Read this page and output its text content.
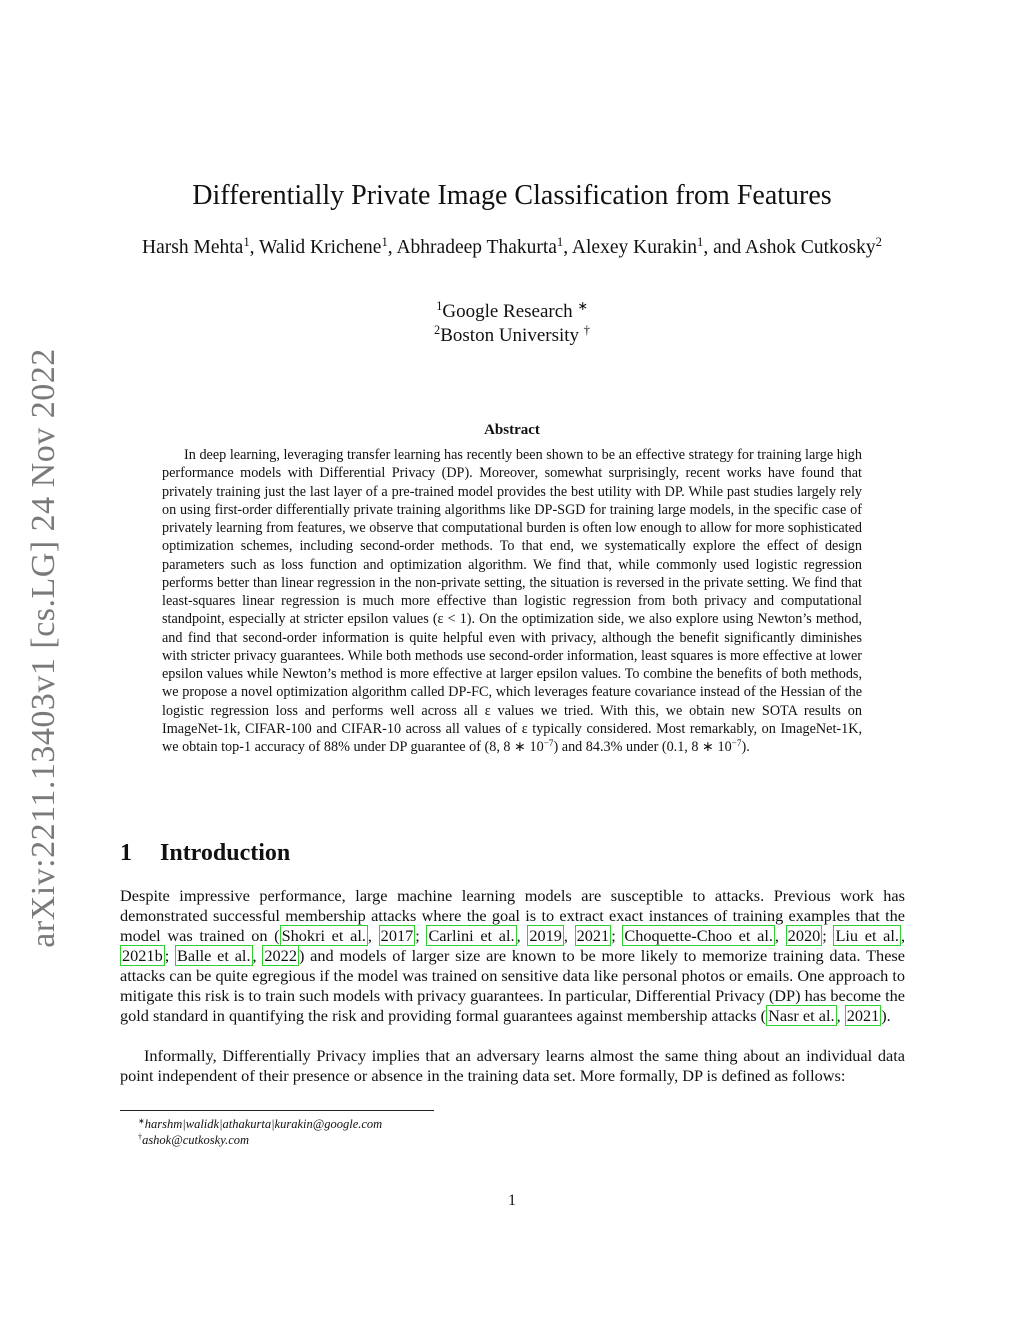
arXiv:2211.13403v1 [cs.LG] 24 Nov 2022
Differentially Private Image Classification from Features
Harsh Mehta$^1$, Walid Krichene$^1$, Abhradeep Thakurta$^1$, Alexey Kurakin$^1$, and Ashok Cutkosky$^2$
$^1$Google Research ∗
$^2$Boston University †
Abstract
In deep learning, leveraging transfer learning has recently been shown to be an effective strategy for training large high performance models with Differential Privacy (DP). Moreover, somewhat surprisingly, recent works have found that privately training just the last layer of a pre-trained model provides the best utility with DP. While past studies largely rely on using first-order differentially private training algorithms like DP-SGD for training large models, in the specific case of privately learning from features, we observe that computational burden is often low enough to allow for more sophisticated optimization schemes, including second-order methods. To that end, we systematically explore the effect of design parameters such as loss function and optimization algorithm. We find that, while commonly used logistic regression performs better than linear regression in the non-private setting, the situation is reversed in the private setting. We find that least-squares linear regression is much more effective than logistic regression from both privacy and computational standpoint, especially at stricter epsilon values (ε < 1). On the optimization side, we also explore using Newton’s method, and find that second-order information is quite helpful even with privacy, although the benefit significantly diminishes with stricter privacy guarantees. While both methods use second-order information, least squares is more effective at lower epsilon values while Newton’s method is more effective at larger epsilon values. To combine the benefits of both methods, we propose a novel optimization algorithm called DP-FC, which leverages feature covariance instead of the Hessian of the logistic regression loss and performs well across all ε values we tried. With this, we obtain new SOTA results on ImageNet-1k, CIFAR-100 and CIFAR-10 across all values of ε typically considered. Most remarkably, on ImageNet-1K, we obtain top-1 accuracy of 88% under DP guarantee of (8, 8 ∗ $10^{-7}$) and 84.3% under (0.1, 8 ∗ $10^{-7}$).
1 Introduction
Despite impressive performance, large machine learning models are susceptible to attacks. Previous work has demonstrated successful membership attacks where the goal is to extract exact instances of training examples that the model was trained on ( Shokri et al. , 2017 ; Carlini et al. , 2019 , 2021 ; Choquette-Choo et al. , 2020 ; Liu et al. , 2021b ; Balle et al. , 2022 ) and models of larger size are known to be more likely to memorize training data. These attacks can be quite egregious if the model was trained on sensitive data like personal photos or emails. One approach to mitigate this risk is to train such models with privacy guarantees. In particular, Differential Privacy (DP) has become the gold standard in quantifying the risk and providing formal guarantees against membership attacks ( Nasr et al. , 2021 ).
Informally, Differentially Privacy implies that an adversary learns almost the same thing about an individual data point independent of their presence or absence in the training data set. More formally, DP is defined as follows:
∗harshm|walidk|athakurta|kurakin@google.com
†ashok@cutkosky.com
1
